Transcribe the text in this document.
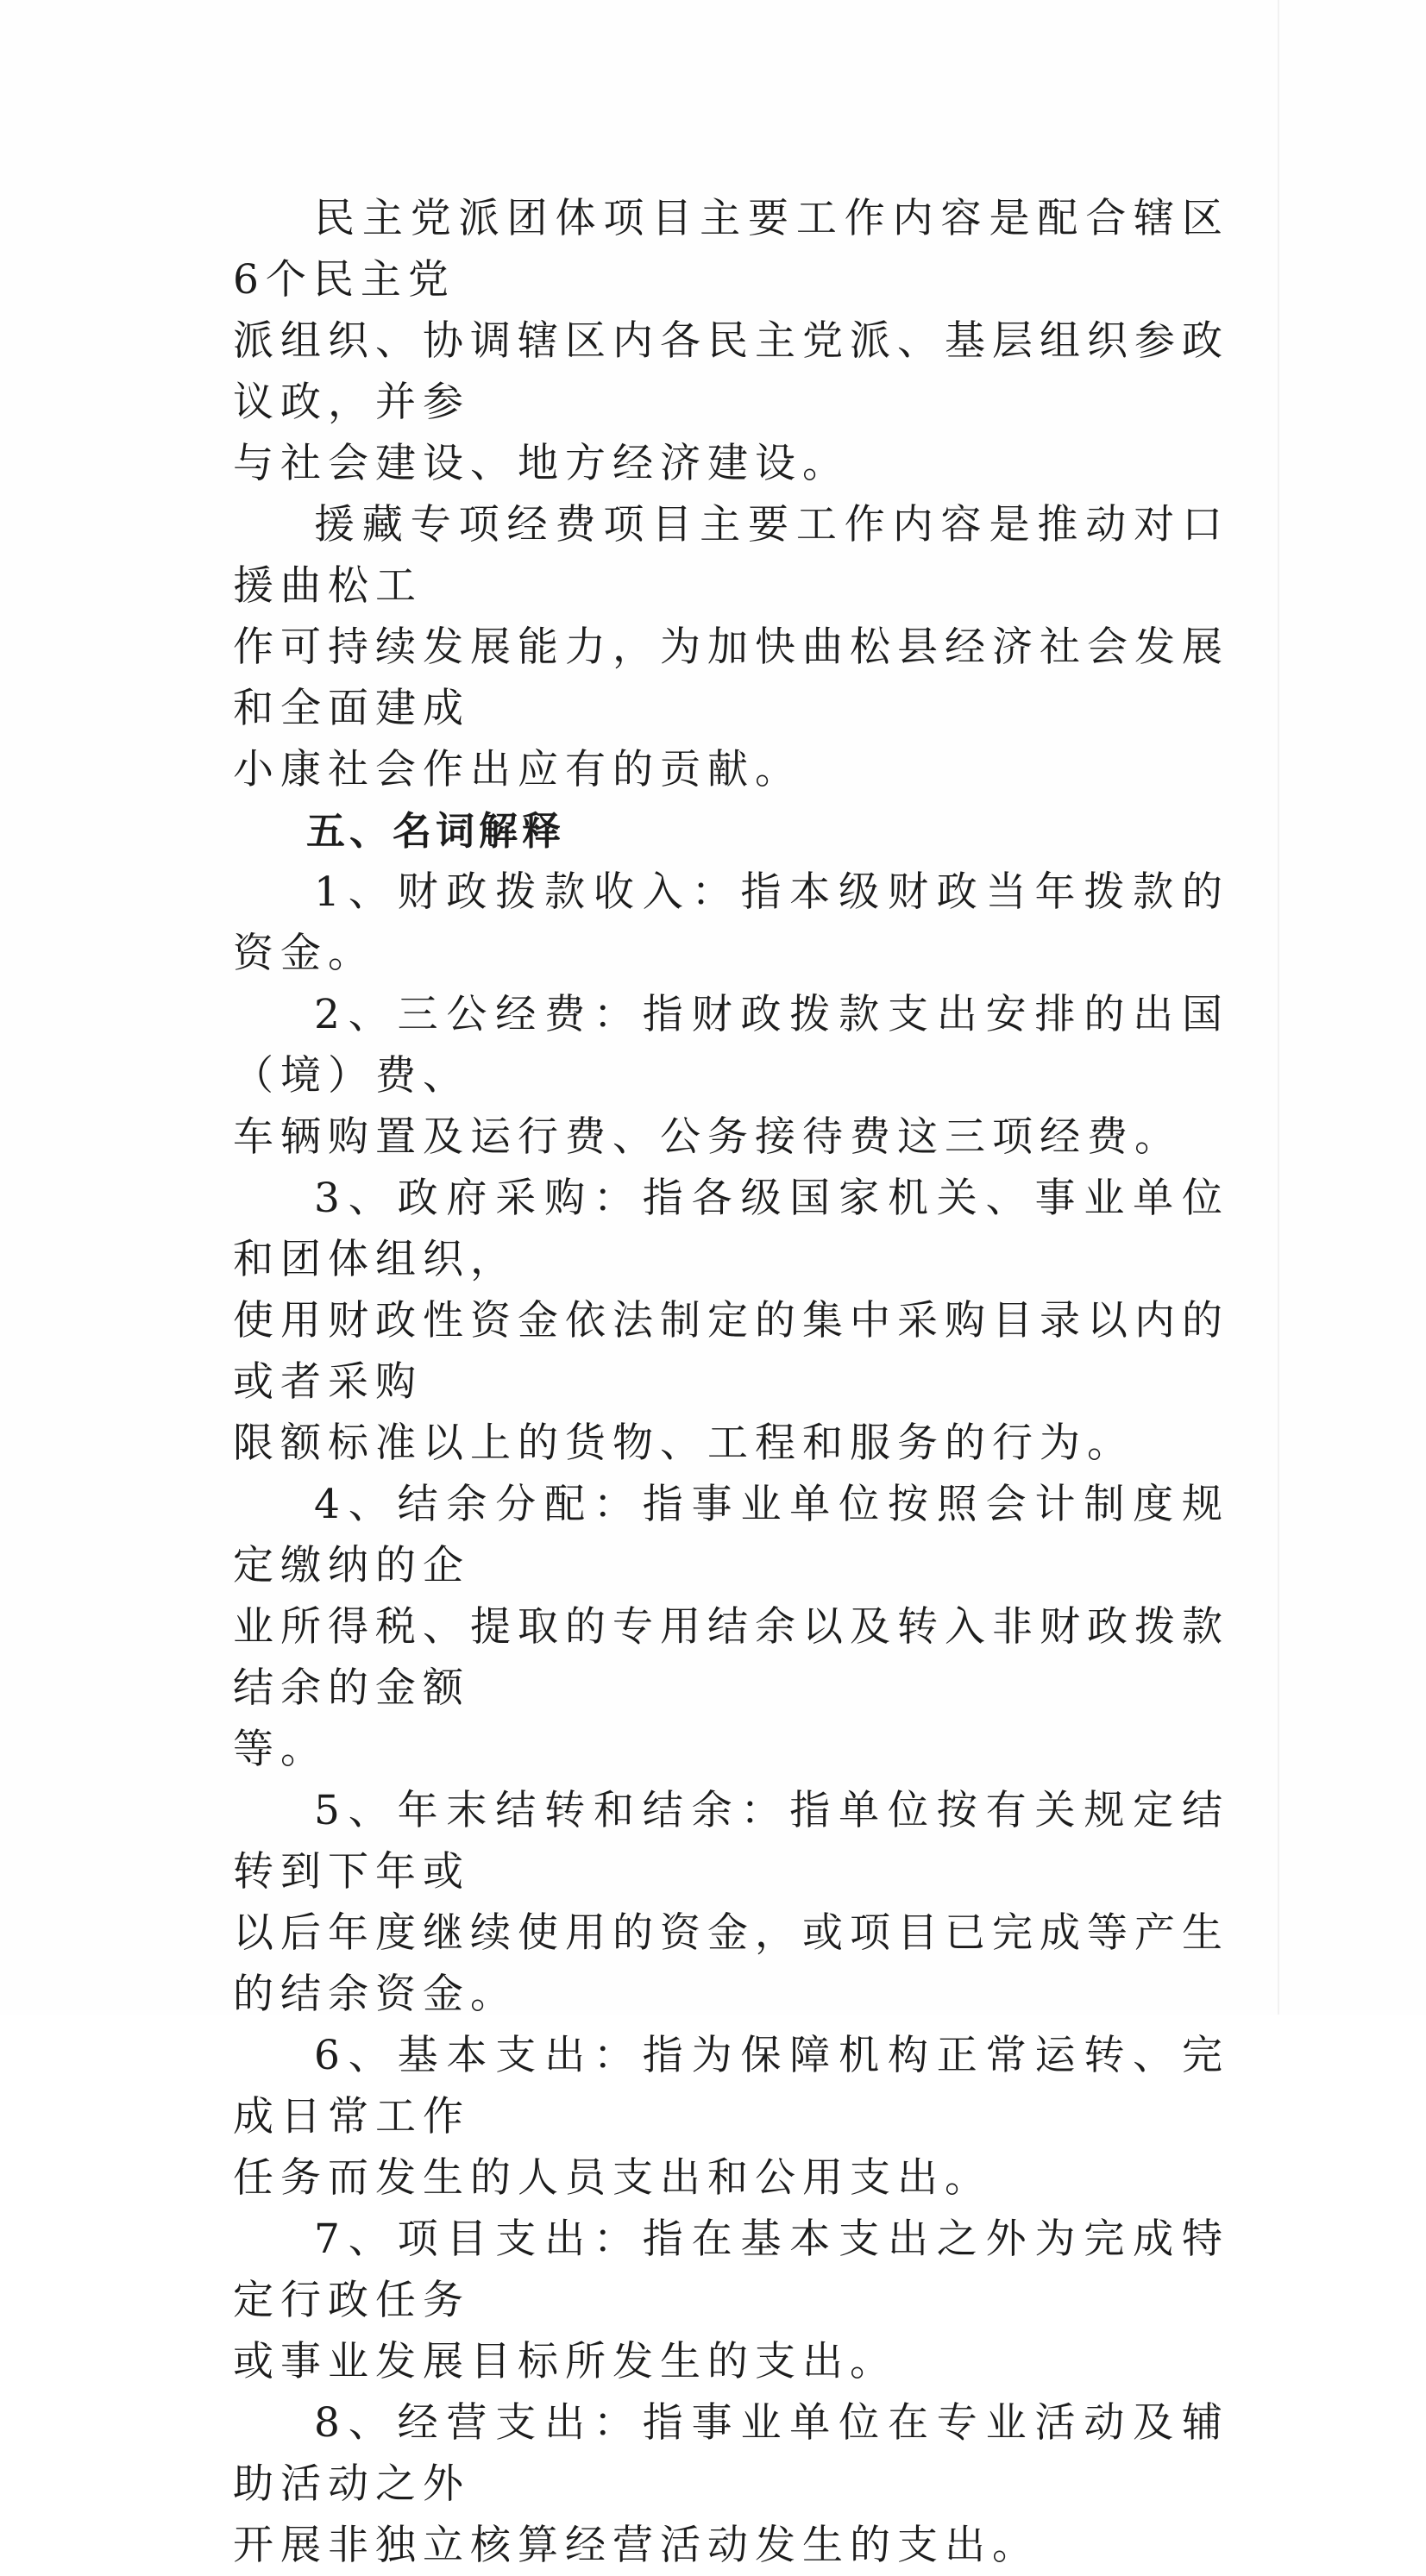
民主党派团体项目主要工作内容是配合辖区6个民主党
派组织、协调辖区内各民主党派、基层组织参政议政，并参
与社会建设、地方经济建设。

援藏专项经费项目主要工作内容是推动对口援曲松工
作可持续发展能力，为加快曲松县经济社会发展和全面建成
小康社会作出应有的贡献。

五、名词解释

1、财政拨款收入：指本级财政当年拨款的资金。

2、三公经费：指财政拨款支出安排的出国（境）费、
车辆购置及运行费、公务接待费这三项经费。

3、政府采购：指各级国家机关、事业单位和团体组织，
使用财政性资金依法制定的集中采购目录以内的或者采购
限额标准以上的货物、工程和服务的行为。

4、结余分配：指事业单位按照会计制度规定缴纳的企
业所得税、提取的专用结余以及转入非财政拨款结余的金额
等。

5、年末结转和结余：指单位按有关规定结转到下年或
以后年度继续使用的资金，或项目已完成等产生的结余资金。

6、基本支出：指为保障机构正常运转、完成日常工作
任务而发生的人员支出和公用支出。

7、项目支出：指在基本支出之外为完成特定行政任务
或事业发展目标所发生的支出。

8、经营支出：指事业单位在专业活动及辅助活动之外
开展非独立核算经营活动发生的支出。
